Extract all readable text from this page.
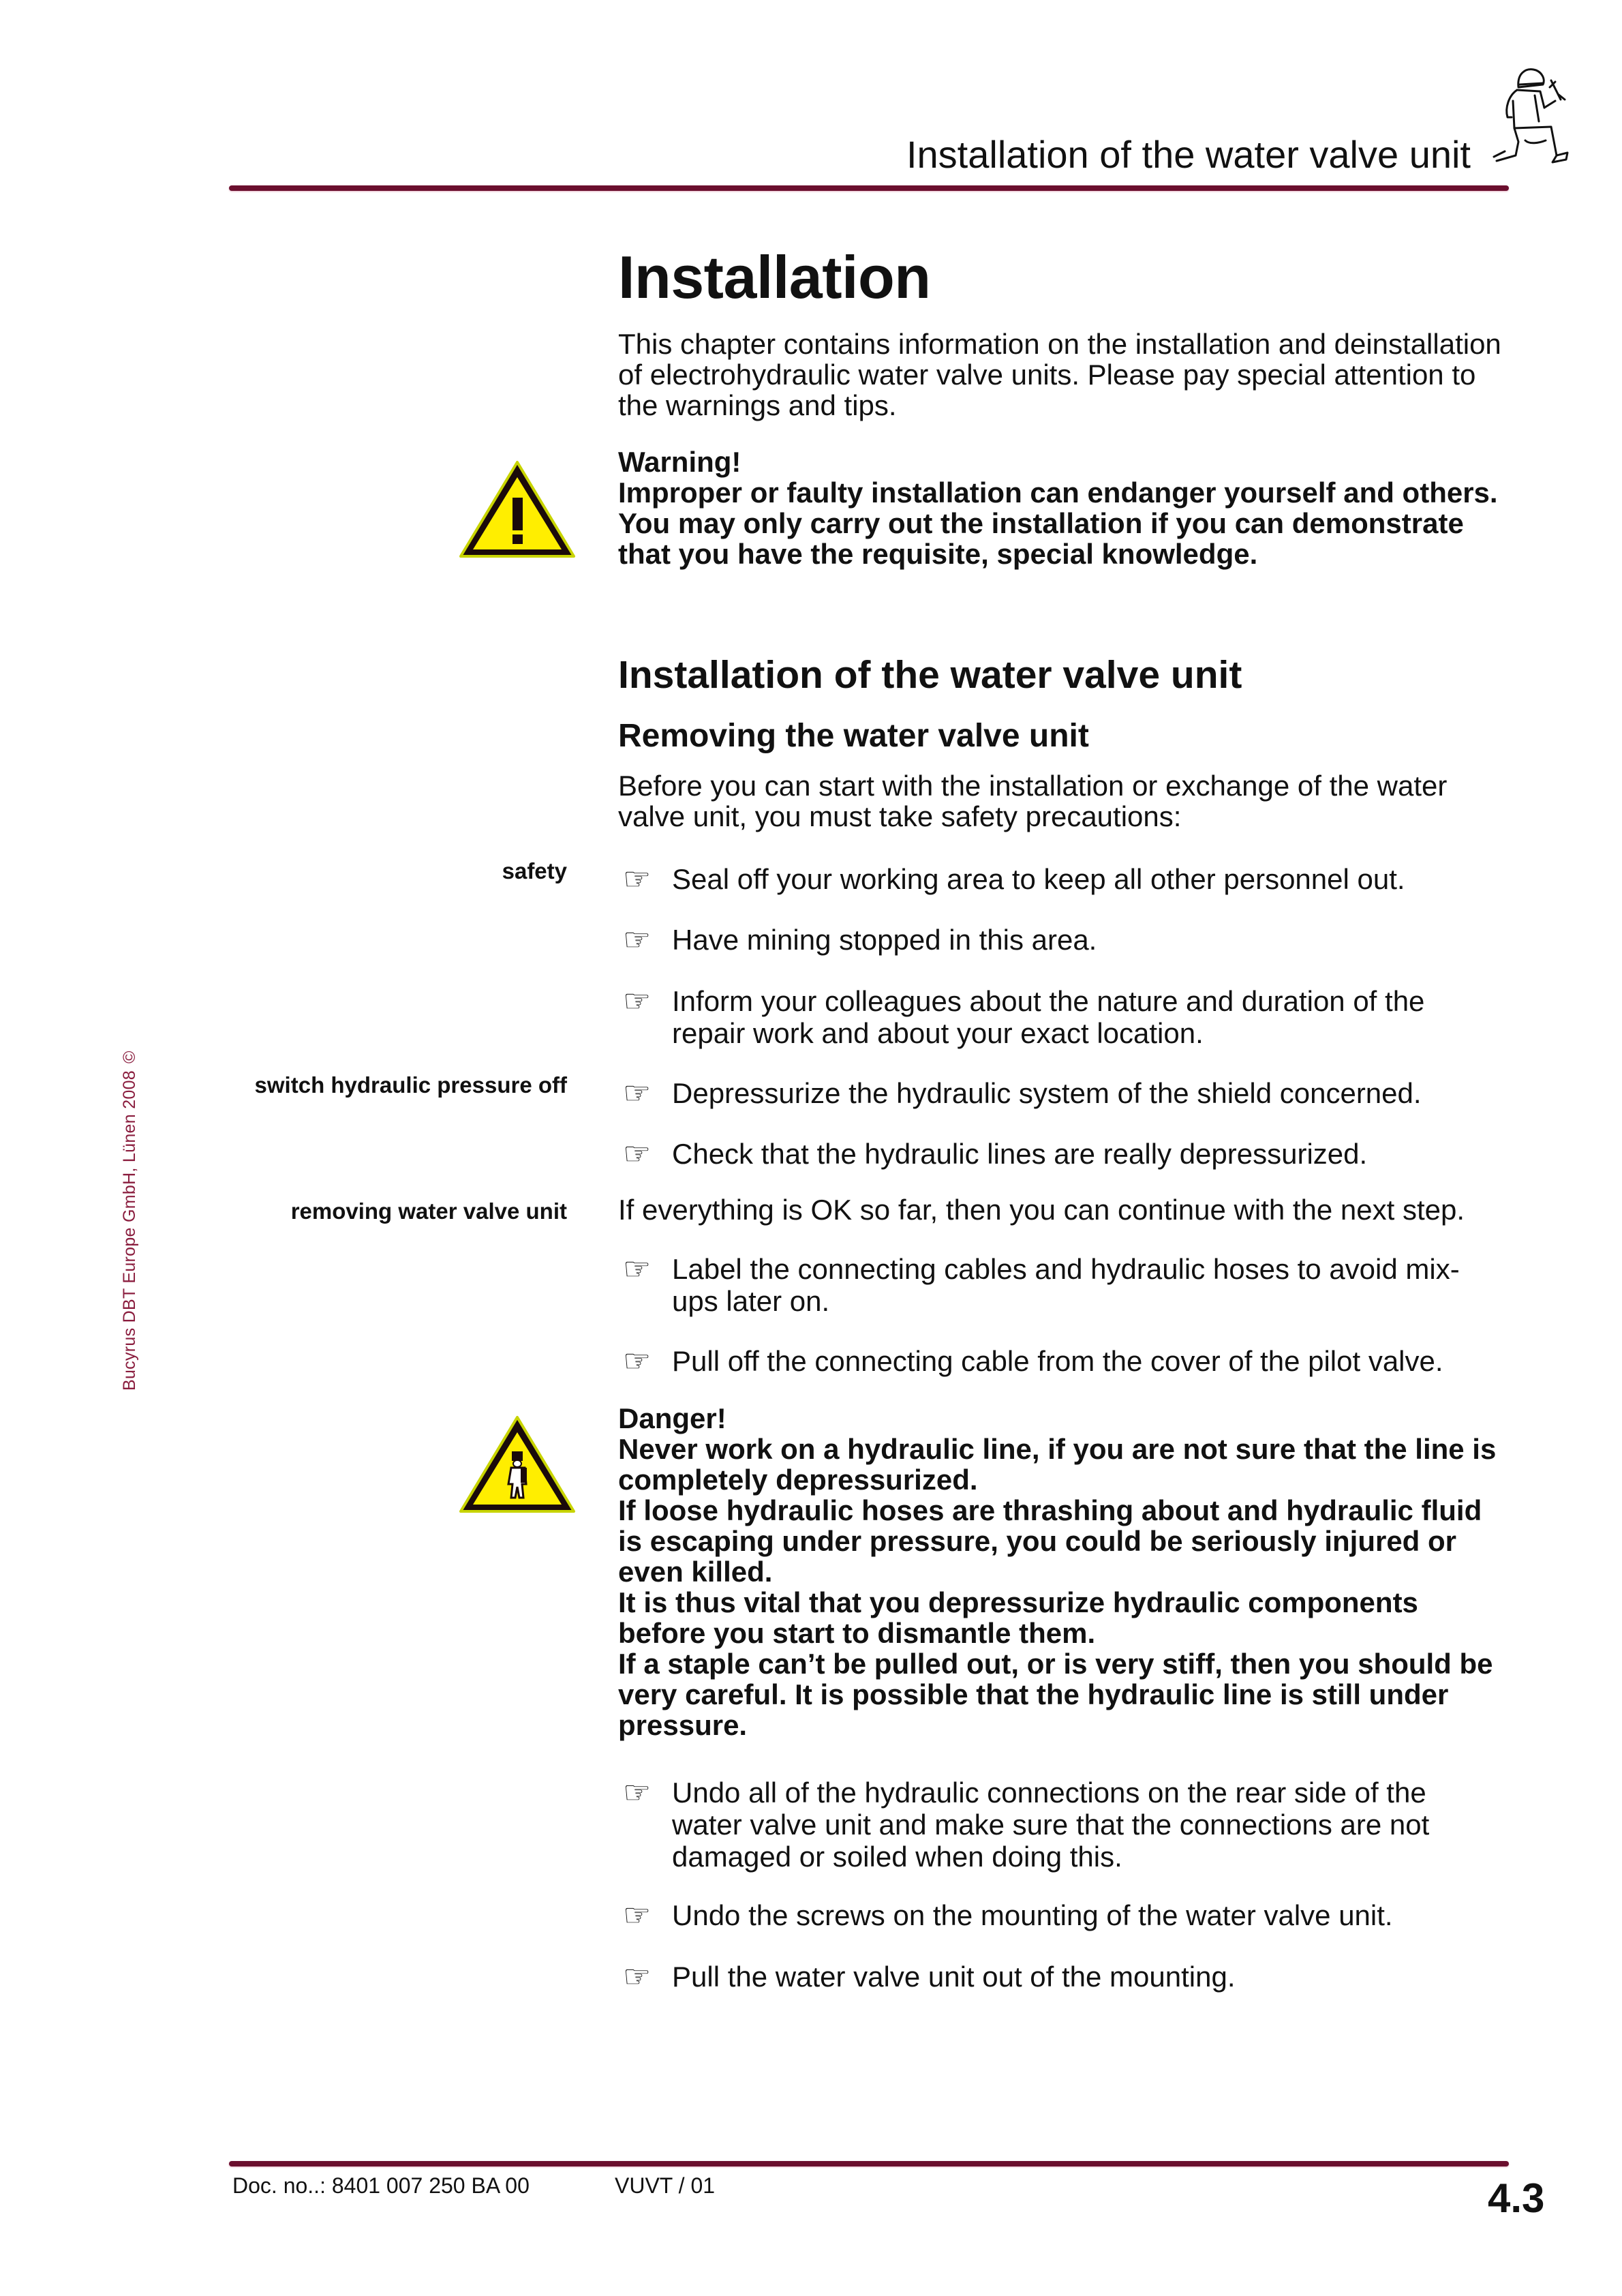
Installation of the water valve unit
Bucyrus DBT Europe GmbH, Lünen 2008©
Installation

This chapter contains information on the installation and deinstallation of electrohydraulic water valve units. Please pay special attention to the warnings and tips.

Warning!

Improper or faulty installation can endanger yourself and others.

You may only carry out the installation if you can demonstrate that you have the requisite, special knowledge.

Installation of the water valve unit
Removing the water valve unit

Before you can start with the installation or exchange of the water valve unit, you must take safety precautions:

safety
switch hydraulic pressure off
removing water valve unit
☞ Seal off your working area to keep all other personnel out.
☞ Have mining stopped in this area.
☞ Inform your colleagues about the nature and duration of the repair work and about your exact location.
☞ Depressurize the hydraulic system of the shield concerned.
☞ Check that the hydraulic lines are really depressurized.

If everything is OK so far, then you can continue with the next step.

☞ Label the connecting cables and hydraulic hoses to avoid mix-ups later on.
☞ Pull off the connecting cable from the cover of the pilot valve.

Danger!

Never work on a hydraulic line, if you are not sure that the line is completely depressurized.

If loose hydraulic hoses are thrashing about and hydraulic fluid is escaping under pressure, you could be seriously injured or even killed.

It is thus vital that you depressurize hydraulic components before you start to dismantle them.

If a staple can’t be pulled out, or is very stiff, then you should be very careful. It is possible that the hydraulic line is still under pressure.

☞ Undo all of the hydraulic connections on the rear side of the water valve unit and make sure that the connections are not damaged or soiled when doing this.
☞ Undo the screws on the mounting of the water valve unit.
☞ Pull the water valve unit out of the mounting.
Doc. no..: 8401 007 250 BA 00	VUVT / 01	4.3
